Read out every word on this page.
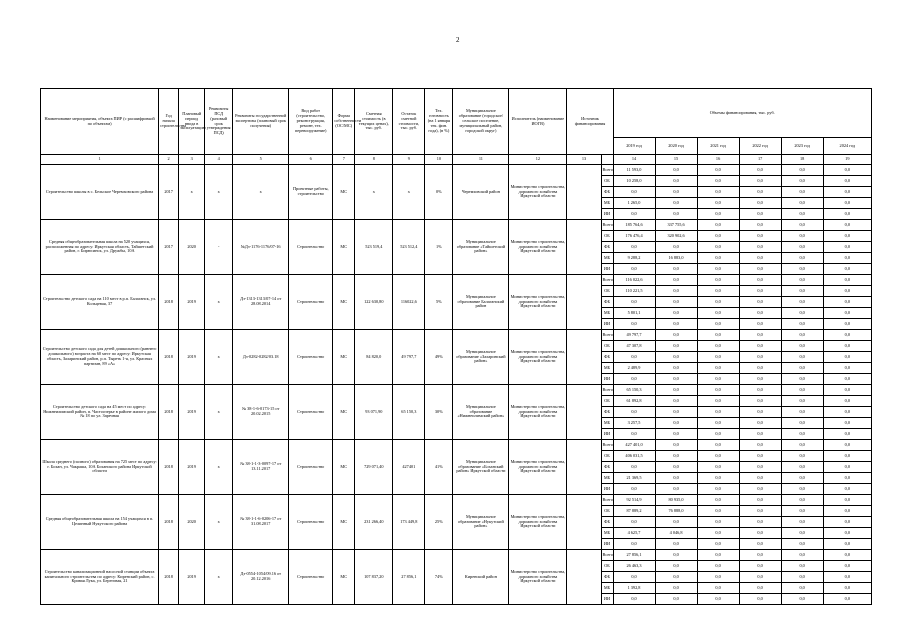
2
Наименование мероприятия, объекта ПИР (с расшифровкой по объектам)	Год начала строительства	Плановый период ввода в эксплуатацию	Реквизиты ПСД (разовый срок утверждения ПСД)	Реквизиты государственной экспертизы (плановый срок получения)	Вид работ (строительство, реконструкция, ремонт, тех. перевооружение)	Форма собственности (ОС/МС)	Сметная стоимость (в текущих ценах), тыс. руб.	Остаток сметной стоимости, тыс. руб.	Тех. готовность (на 1 января тек. фин. года), (в %)	Муниципальное образование (городское/сельское поселение, муниципальный район, городской округ)	Исполнитель (наименование ИОГВ)	Источник финансирования		Объемы финансирования, тыс. руб.					
														2019 год	2020 год	2021 год	2022 год	2023 год	2024 год
1	2	3	4	5	6	7	8	9	10	11	12	13		14	15	16	17	18	19
Строительство школы в с. Бельское Черемховского района	2017	х	х	х	Проектные работы, строительство	МС	х	х	0%	Черемховский район	Министерство строительства, дорожного хозяйства Иркутской области		Всего	11 593,0	0,0	0,0	0,0	0,0	0,0
													ОБ	10 258,0	0,0	0,0	0,0	0,0	0,0
													ФБ	0,0	0,0	0,0	0,0	0,0	0,0
													МБ	1 265,0	0,0	0,0	0,0	0,0	0,0
													ИИ	0,0	0,0	0,0	0,0	0,0	0,0
Средняя общеобразовательная школа на 520 учащихся, расположенная по адресу: Иркутская область, Тайшетский район, г. Бирюсинск, ул. Дружбы, 10А	2017	2020	-	№Дз-1176-1176/07-16	Строительство	МС	523 519,4	523 512,4	1%	Муниципальное образование «Тайшетский район»	Министерство строительства, дорожного хозяйства Иркутской области		Всего	185 764,6	337 755,6	0,0	0,0	0,0	0,0
													ОБ	176 476,4	320 902,6	0,0	0,0	0,0	0,0
													ФБ	0,0	0,0	0,0	0,0	0,0	0,0
													МБ	9 288,2	16 883,0	0,0	0,0	0,0	0,0
													ИИ	0,0	0,0	0,0	0,0	0,0	0,0
Строительство детского сада на 110 мест в р.п. Балаганск, ул. Кольцевая, 37	2018	2019	х	Дз-1313-1313/07-14 от 28.08.2014	Строительство	МС	122 630,80	116022,6	5%	Муниципальное образование Балаганский район	Министерство строительства, дорожного хозяйства Иркутской области		Всего	116 022,6	0,0	0,0	0,0	0,0	0,0
													ОБ	110 221,5	0,0	0,0	0,0	0,0	0,0
													ФБ	0,0	0,0	0,0	0,0	0,0	0,0
													МБ	5 801,1	0,0	0,0	0,0	0,0	0,0
													ИИ	0,0	0,0	0,0	0,0	0,0	0,0
Строительство детского сада для детей дошкольного (раннего дошкольного) возраста на 60 мест по адресу: Иркутская область, Заларинский район, р.п. Тыреть 1-я, ул. Красных партизан, 89 «А»	2018	2019	х	Дз-0282-0282/03.18	Строительство	МС	84 820,0	49 797,7	49%	Муниципальное образование «Заларинский район»	Министерство строительства, дорожного хозяйства Иркутской области		Всего	49 797,7	0,0	0,0	0,0	0,0	0,0
													ОБ	47 307,8	0,0	0,0	0,0	0,0	0,0
													ФБ	0,0	0,0	0,0	0,0	0,0	0,0
													МБ	2 489,9	0,0	0,0	0,0	0,0	0,0
													ИИ	0,0	0,0	0,0	0,0	0,0	0,0
Строительство детского сада на 45 мест по адресу: Нижнеилимский район, п. Частоозерье в районе жилого дома № 18 по ул. Заречная	2018	2019	х	№ 38-1-6-0173-15 от 20.02.2015	Строительство	МС	93 071,90	65 150,3	30%	Муниципальное образование «Нижнеилимский район»	Министерство строительства, дорожного хозяйства Иркутской области		Всего	65 150,3	0,0	0,0	0,0	0,0	0,0
													ОБ	61 892,8	0,0	0,0	0,0	0,0	0,0
													ФБ	0,0	0,0	0,0	0,0	0,0	0,0
													МБ	3 257,5	0,0	0,0	0,0	0,0	0,0
													ИИ	0,0	0,0	0,0	0,0	0,0	0,0
Школа среднего (полного) образования на 725 мест по адресу: г. Бохан, ул. Чакраша, 10А Боханского района Иркутской области	2018	2019	х	№ 38-1-1-3-0097-17 от 13.11.2017	Строительство	МС	729 071,40	427401	41%	Муниципальное образование «Боханский район» Иркутской области	Министерство строительства, дорожного хозяйства Иркутской области		Всего	427 401,0	0,0	0,0	0,0	0,0	0,0
													ОБ	406 031,5	0,0	0,0	0,0	0,0	0,0
													ФБ	0,0	0,0	0,0	0,0	0,0	0,0
													МБ	21 369,5	0,0	0,0	0,0	0,0	0,0
													ИИ	0,0	0,0	0,0	0,0	0,0	0,0
Средняя общеобразовательная школа на 154 учащихся в п. Целинный Нукутского района	2018	2020	х	№ 38-1-1-6-0206-17 от 31.08.2017	Строительство	МС	231 266,40	173 449,8	25%	Муниципальное образование «Нукутский район»	Министерство строительства, дорожного хозяйства Иркутской области		Всего	92 514,9	80 935,0	0,0	0,0	0,0	0,0
													ОБ	87 889,2	76 888,0	0,0	0,0	0,0	0,0
													ФБ	0,0	0,0	0,0	0,0	0,0	0,0
													МБ	4 625,7	4 046,8	0,0	0,0	0,0	0,0
													ИИ	0,0	0,0	0,0	0,0	0,0	0,0
Строительство канализационной насосной станции объекта капитального строительства по адресу: Киренский район, с. Кривая Лука, ул. Береговая, 21	2018	2019	х	Дз-0554-1054/09.16 от 20.12.2016	Строительство	МС	107 837,20	27 856,1	74%	Киренский район	Министерство строительства, дорожного хозяйства Иркутской области		Всего	27 856,1	0,0	0,0	0,0	0,0	0,0
													ОБ	26 463,3	0,0	0,0	0,0	0,0	0,0
													ФБ	0,0	0,0	0,0	0,0	0,0	0,0
													МБ	1 392,8	0,0	0,0	0,0	0,0	0,0
													ИИ	0,0	0,0	0,0	0,0	0,0	0,0
